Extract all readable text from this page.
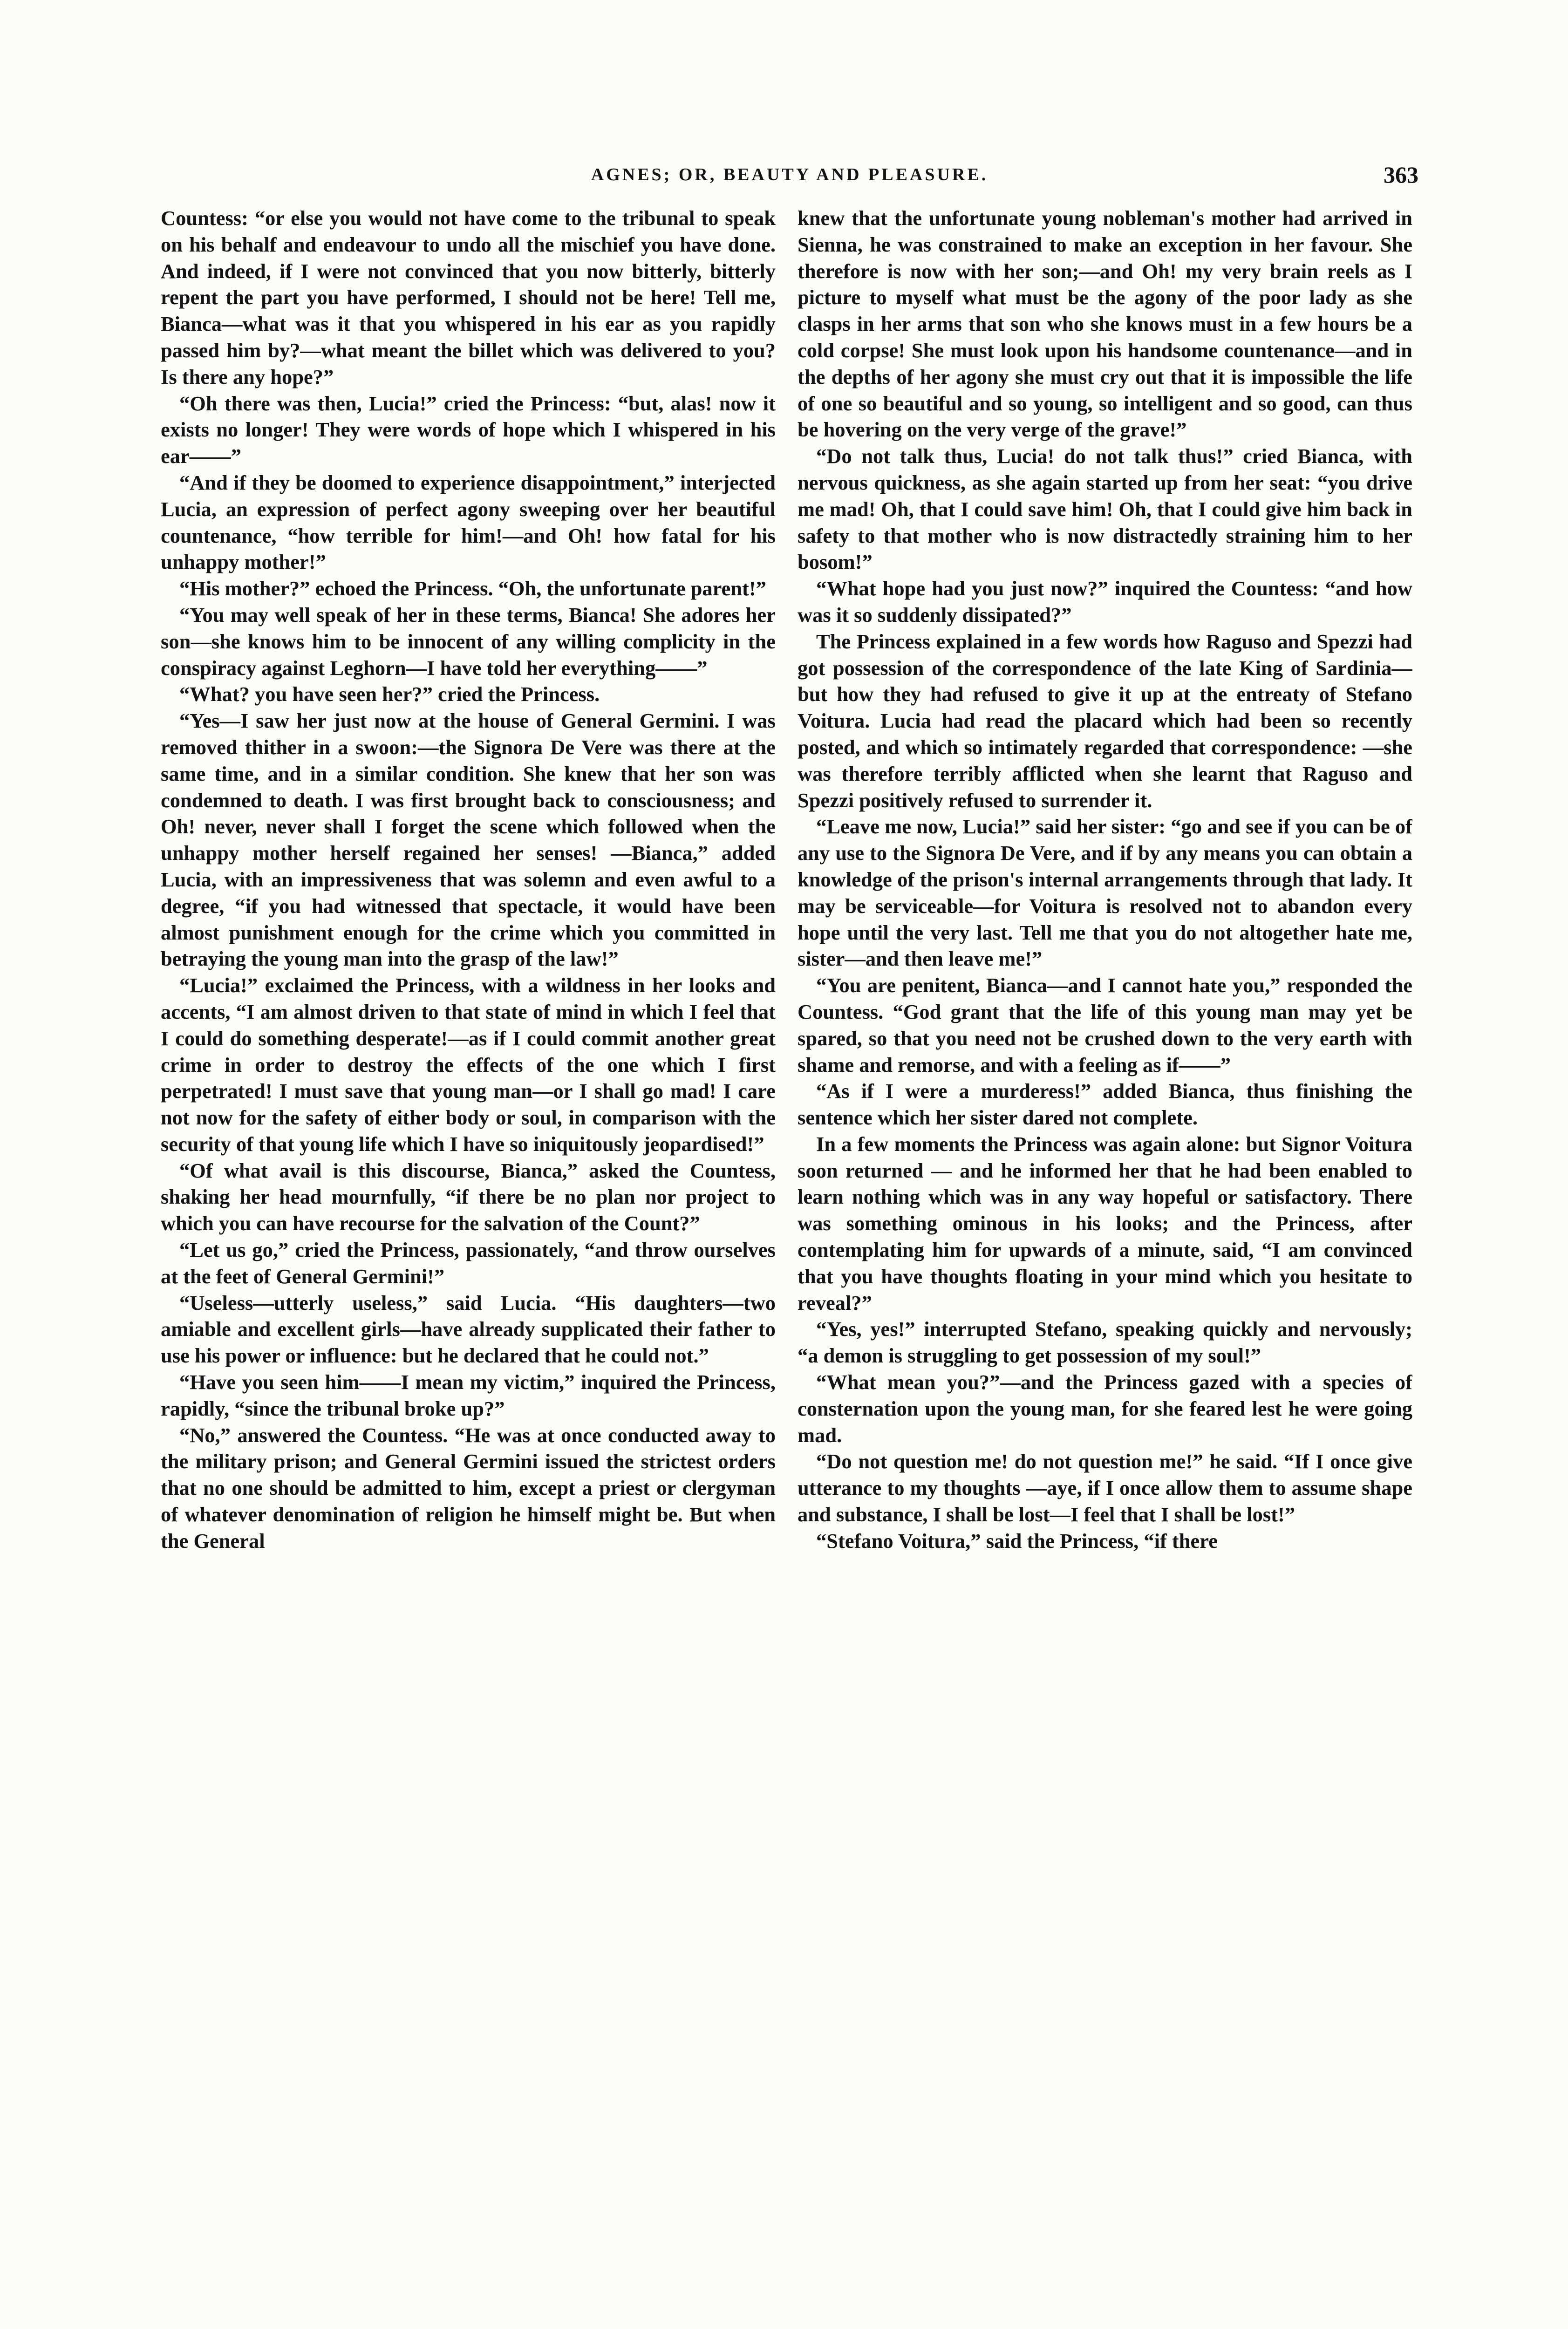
AGNES; OR, BEAUTY AND PLEASURE.	363

Countess: “or else you would not have come to the tribunal to speak on his behalf and endeavour to undo all the mischief you have done. And indeed, if I were not convinced that you now bitterly, bitterly repent the part you have performed, I should not be here! Tell me, Bianca—what was it that you whispered in his ear as you rapidly passed him by?—what meant the billet which was delivered to you? Is there any hope?”

“Oh there was then, Lucia!” cried the Princess: “but, alas! now it exists no longer! They were words of hope which I whispered in his ear——”

“And if they be doomed to experience disappointment,” interjected Lucia, an expression of perfect agony sweeping over her beautiful countenance, “how terrible for him!—and Oh! how fatal for his unhappy mother!”

“His mother?” echoed the Princess. “Oh, the unfortunate parent!”

“You may well speak of her in these terms, Bianca! She adores her son—she knows him to be innocent of any willing complicity in the conspiracy against Leghorn—I have told her everything——”

“What? you have seen her?” cried the Princess.

“Yes—I saw her just now at the house of General Germini. I was removed thither in a swoon:—the Signora De Vere was there at the same time, and in a similar condition. She knew that her son was condemned to death. I was first brought back to consciousness; and Oh! never, never shall I forget the scene which followed when the unhappy mother herself regained her senses! —Bianca,” added Lucia, with an impressiveness that was solemn and even awful to a degree, “if you had witnessed that spectacle, it would have been almost punishment enough for the crime which you committed in betraying the young man into the grasp of the law!”

“Lucia!” exclaimed the Princess, with a wildness in her looks and accents, “I am almost driven to that state of mind in which I feel that I could do something desperate!—as if I could commit another great crime in order to destroy the effects of the one which I first perpetrated! I must save that young man—or I shall go mad! I care not now for the safety of either body or soul, in comparison with the security of that young life which I have so iniquitously jeopardised!”

“Of what avail is this discourse, Bianca,” asked the Countess, shaking her head mournfully, “if there be no plan nor project to which you can have recourse for the salvation of the Count?”

“Let us go,” cried the Princess, passionately, “and throw ourselves at the feet of General Germini!”

“Useless—utterly useless,” said Lucia. “His daughters—two amiable and excellent girls—have already supplicated their father to use his power or influence: but he declared that he could not.”

“Have you seen him——I mean my victim,” inquired the Princess, rapidly, “since the tribunal broke up?”

“No,” answered the Countess. “He was at once conducted away to the military prison; and General Germini issued the strictest orders that no one should be admitted to him, except a priest or clergyman of whatever denomination of religion he himself might be. But when the General

knew that the unfortunate young nobleman's mother had arrived in Sienna, he was constrained to make an exception in her favour. She therefore is now with her son;—and Oh! my very brain reels as I picture to myself what must be the agony of the poor lady as she clasps in her arms that son who she knows must in a few hours be a cold corpse! She must look upon his handsome countenance—and in the depths of her agony she must cry out that it is impossible the life of one so beautiful and so young, so intelligent and so good, can thus be hovering on the very verge of the grave!”

“Do not talk thus, Lucia! do not talk thus!” cried Bianca, with nervous quickness, as she again started up from her seat: “you drive me mad! Oh, that I could save him! Oh, that I could give him back in safety to that mother who is now distractedly straining him to her bosom!”

“What hope had you just now?” inquired the Countess: “and how was it so suddenly dissipated?”

The Princess explained in a few words how Raguso and Spezzi had got possession of the correspondence of the late King of Sardinia—but how they had refused to give it up at the entreaty of Stefano Voitura. Lucia had read the placard which had been so recently posted, and which so intimately regarded that correspondence: —she was therefore terribly afflicted when she learnt that Raguso and Spezzi positively refused to surrender it.

“Leave me now, Lucia!” said her sister: “go and see if you can be of any use to the Signora De Vere, and if by any means you can obtain a knowledge of the prison's internal arrangements through that lady. It may be serviceable—for Voitura is resolved not to abandon every hope until the very last. Tell me that you do not altogether hate me, sister—and then leave me!”

“You are penitent, Bianca—and I cannot hate you,” responded the Countess. “God grant that the life of this young man may yet be spared, so that you need not be crushed down to the very earth with shame and remorse, and with a feeling as if——”

“As if I were a murderess!” added Bianca, thus finishing the sentence which her sister dared not complete.

In a few moments the Princess was again alone: but Signor Voitura soon returned — and he informed her that he had been enabled to learn nothing which was in any way hopeful or satisfactory. There was something ominous in his looks; and the Princess, after contemplating him for upwards of a minute, said, “I am convinced that you have thoughts floating in your mind which you hesitate to reveal?”

“Yes, yes!” interrupted Stefano, speaking quickly and nervously; “a demon is struggling to get possession of my soul!”

“What mean you?”—and the Princess gazed with a species of consternation upon the young man, for she feared lest he were going mad.

“Do not question me! do not question me!” he said. “If I once give utterance to my thoughts —aye, if I once allow them to assume shape and substance, I shall be lost—I feel that I shall be lost!”

“Stefano Voitura,” said the Princess, “if there
